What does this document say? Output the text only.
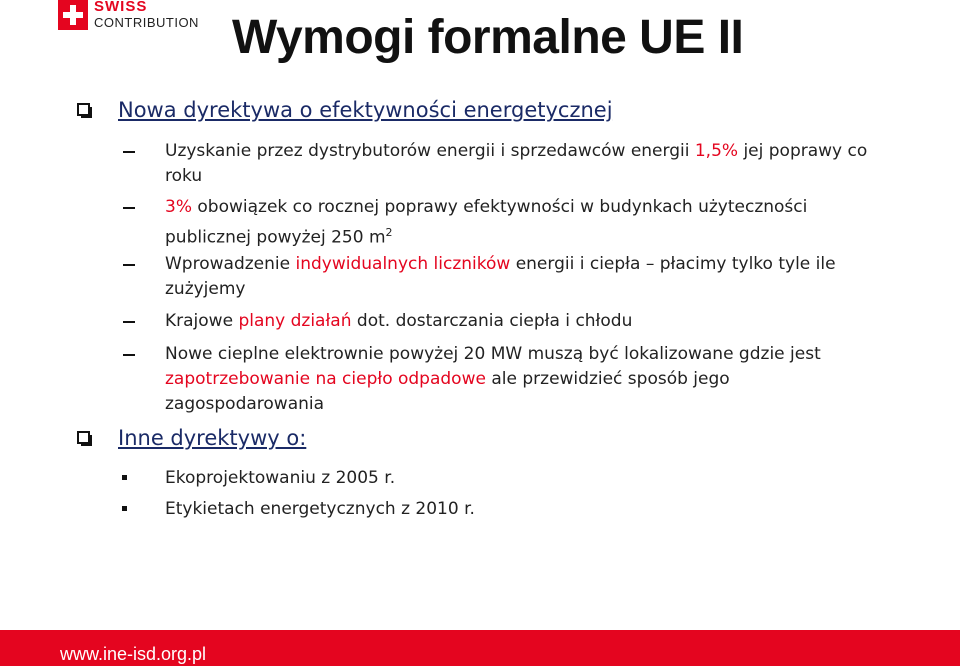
SWISS
CONTRIBUTION Wymogi formalne UE II
Nowa dyrektywa o efektywności energetycznej
Uzyskanie przez dystrybutorów energii i sprzedawców energii 1,5% jej poprawy co roku
3% obowiązek co rocznej poprawy efektywności w budynkach użyteczności publicznej powyżej 250 $m^2$
Wprowadzenie indywidualnych liczników energii i ciepła – płacimy tylko tyle ile zużyjemy
Krajowe plany działań dot. dostarczania ciepła i chłodu
Nowe cieplne elektrownie powyżej 20 MW muszą być lokalizowane gdzie jest zapotrzebowanie na ciepło odpadowe ale przewidzieć sposób jego zagospodarowania
Inne dyrektywy o:
Ekoprojektowaniu z 2005 r.
Etykietach energetycznych z 2010 r.
www.ine-isd.org.pl
